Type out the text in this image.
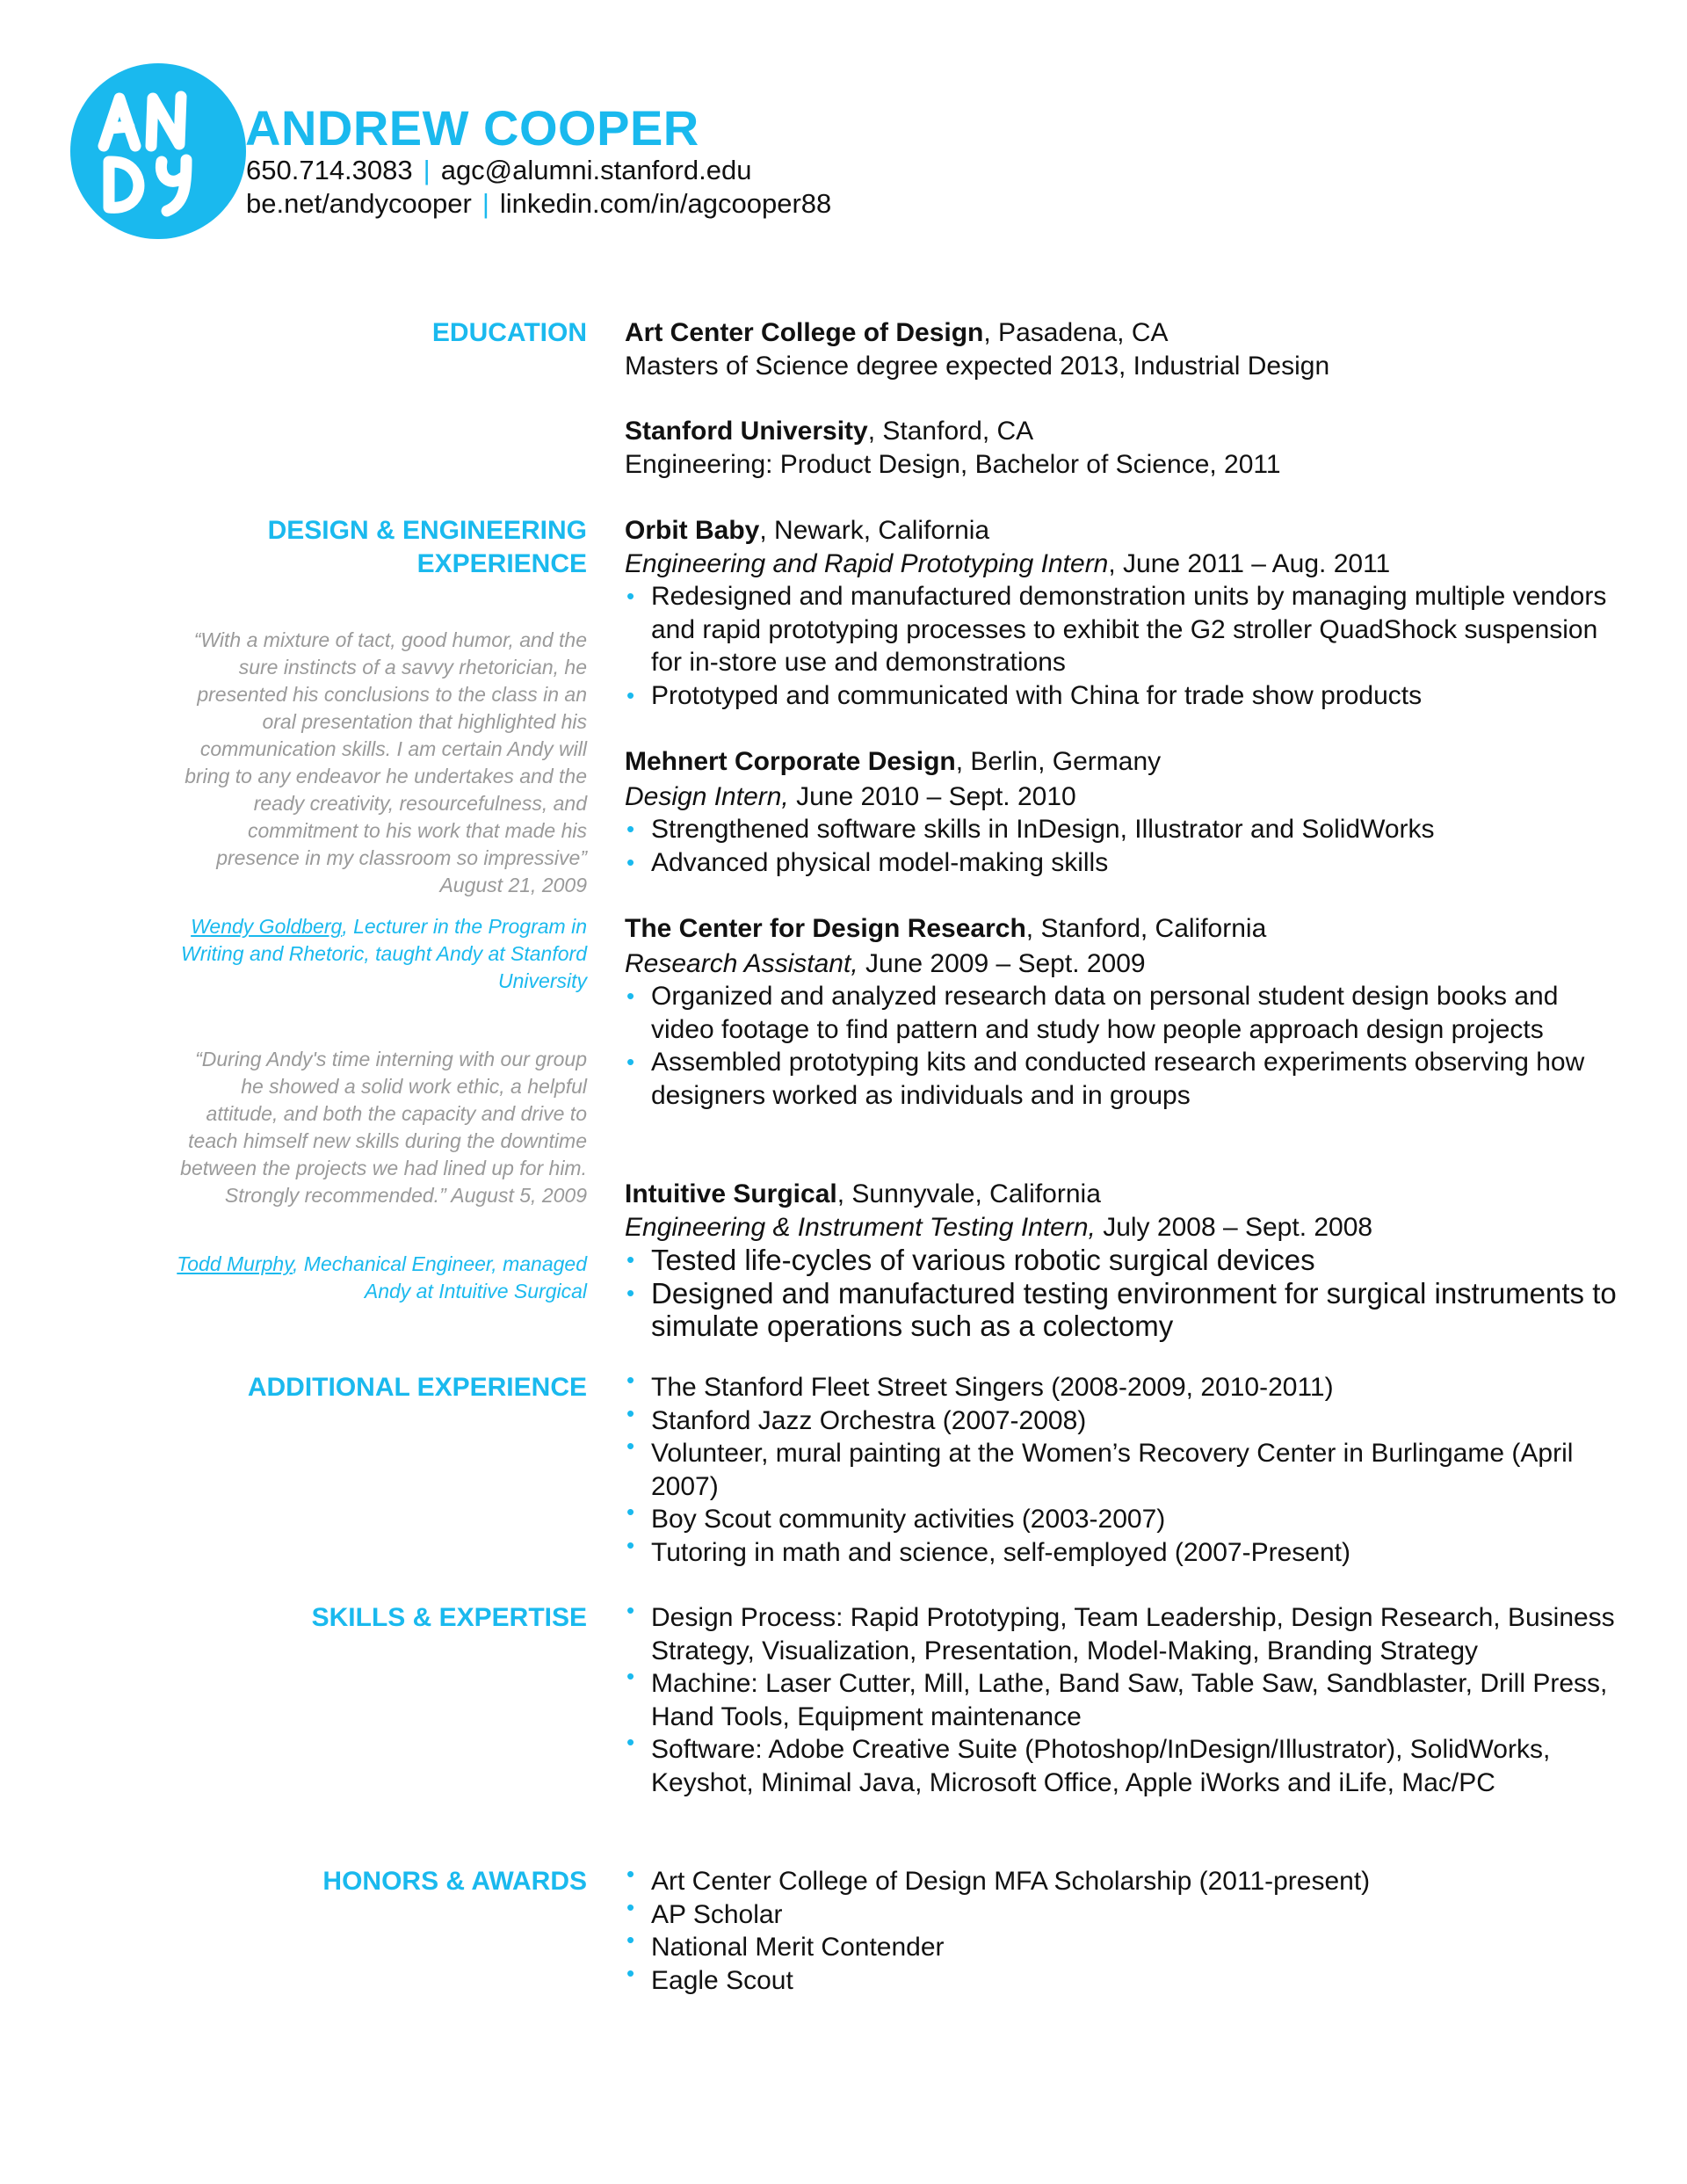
ANDREW COOPER
650.714.3083 | agc@alumni.stanford.edu
be.net/andycooper | linkedin.com/in/agcooper88
EDUCATION Art Center College of Design, Pasadena, CA

Masters of Science degree expected 2013, Industrial Design

Stanford University, Stanford, CA

Engineering: Product Design, Bachelor of Science, 2011

DESIGN & ENGINEERING
EXPERIENCE

Orbit Baby, Newark, California

Engineering and Rapid Prototyping Intern, June 2011 – Aug. 2011

• Redesigned and manufactured demonstration units by managing multiple vendors and rapid prototyping processes to exhibit the G2 stroller QuadShock suspension for in-store use and demonstrations
• Prototyped and communicated with China for trade show products

Mehnert Corporate Design, Berlin, Germany

Design Intern, June 2010 – Sept. 2010

• Strengthened software skills in InDesign, Illustrator and SolidWorks
• Advanced physical model-making skills

The Center for Design Research, Stanford, California

Research Assistant, June 2009 – Sept. 2009

• Organized and analyzed research data on personal student design books and video footage to find pattern and study how people approach design projects
• Assembled prototyping kits and conducted research experiments observing how designers worked as individuals and in groups

Intuitive Surgical, Sunnyvale, California

Engineering & Instrument Testing Intern, July 2008 – Sept. 2008

• Tested life-cycles of various robotic surgical devices
• Designed and manufactured testing environment for surgical instruments to simulate operations such as a colectomy
“With a mixture of tact, good humor, and the sure instincts of a savvy rhetorician, he presented his conclusions to the class in an oral presentation that highlighted his communication skills. I am certain Andy will bring to any endeavor he undertakes and the ready creativity, resourcefulness, and commitment to his work that made his presence in my classroom so impressive” August 21, 2009
Wendy Goldberg, Lecturer in the Program in Writing and Rhetoric, taught Andy at Stanford University
“During Andy's time interning with our group he showed a solid work ethic, a helpful attitude, and both the capacity and drive to teach himself new skills during the downtime between the projects we had lined up for him. Strongly recommended.” August 5, 2009
Todd Murphy, Mechanical Engineer, managed Andy at Intuitive Surgical
ADDITIONAL EXPERIENCE	• The Stanford Fleet Street Singers (2008-2009, 2010-2011)
• Stanford Jazz Orchestra (2007-2008)
• Volunteer, mural painting at the Women’s Recovery Center in Burlingame (April 2007)
• Boy Scout community activities (2003-2007)
• Tutoring in math and science, self-employed (2007-Present)
SKILLS & EXPERTISE	• Design Process: Rapid Prototyping, Team Leadership, Design Research, Business Strategy, Visualization, Presentation, Model-Making, Branding Strategy
• Machine: Laser Cutter, Mill, Lathe, Band Saw, Table Saw, Sandblaster, Drill Press, Hand Tools, Equipment maintenance
• Software: Adobe Creative Suite (Photoshop/InDesign/Illustrator), SolidWorks, Keyshot, Minimal Java, Microsoft Office, Apple iWorks and iLife, Mac/PC
HONORS & AWARDS	• Art Center College of Design MFA Scholarship (2011-present)
• AP Scholar
• National Merit Contender
• Eagle Scout
